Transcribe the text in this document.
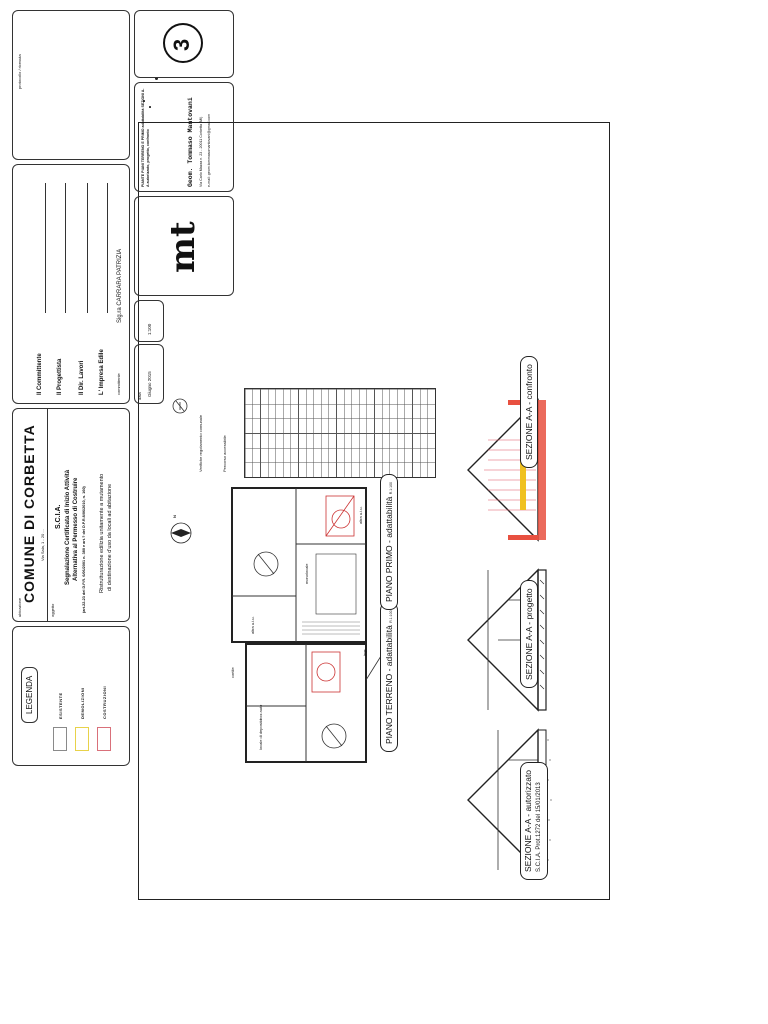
LEGENDA	ESISTENTE	DEMOLIZIONI	COSTRUZIONI
ubicazione
COMUNE DI CORBETTA Via Sala, 1 - 20 ...
oggetto
S.C.I.A. Segnalazione Certificata di Inizio Attività Alternativa al Permesso di Costruire (art.22-23 del D.P.R. 6/06/2001 n. 380 e art.? del D.P.R.8/06/2010, n. 160) Ristrutturazione edilizia unitamente a mutamento di destinazione d'uso da locali ad abitazione
Il Committente Il Progettista	Il Dir. Lavori L' Impresa Edile	committente
Sig.ra CARRARA PATRIZIA
protocollo / ricevuta
data Giugno 2015
1:100
mt
PIANTE PIANI TERRENO E PRIMO adattabilità SEZIONI A-A autorizzato, progetto, confronto	Geom. Tommaso Mantovani Via Carlo Mazza n. 23 - 20011 Corbetta (MI) e-mail: geom.tommasomantovani@gmail.com
3
Verifiche regolamento comunale	Percorso accessibile
monolocale
altra u.i.u.
altra u.i.u.
N
box auto
locale di deposito
cortile
ingr.	PIANO TERRENO - adattabilità R.1:100
PIANO PRIMO - adattabilità R.1:100
SEZIONE A-A - confronto
SEZIONE A-A - progetto
SEZIONE A-A - autorizzato S.C.I.A. Prot.1272 del 15/01/2013
